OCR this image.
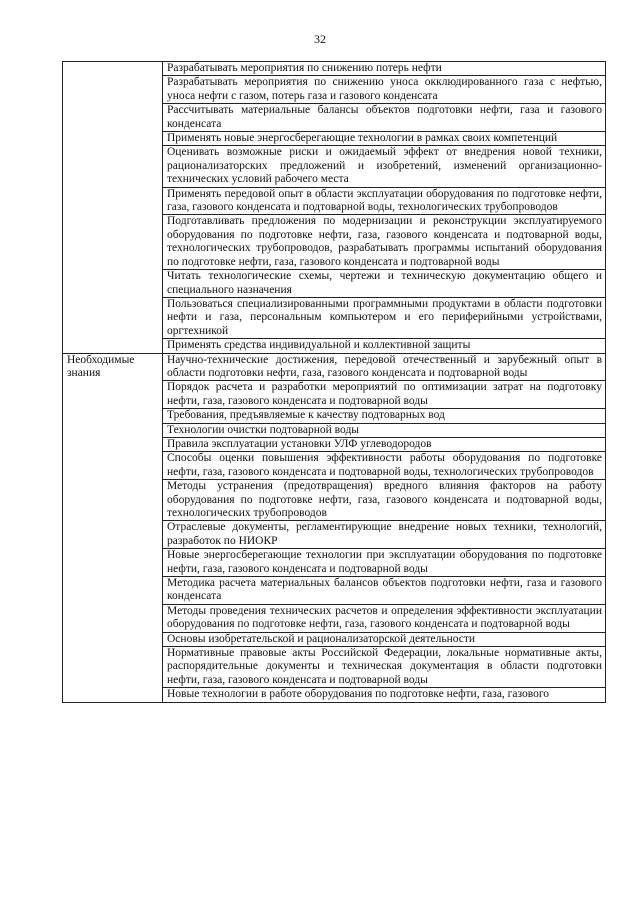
32
	Разрабатывать мероприятия по снижению потерь нефти
	Разрабатывать мероприятия по снижению уноса окклюдированного газа с нефтью, уноса нефти с газом, потерь газа и газового конденсата
	Рассчитывать материальные балансы объектов подготовки нефти, газа и газового конденсата
	Применять новые энергосберегающие технологии в рамках своих компетенций
	Оценивать возможные риски и ожидаемый эффект от внедрения новой техники, рационализаторских предложений и изобретений, изменений организационно-технических условий рабочего места
	Применять передовой опыт в области эксплуатации оборудования по подготовке нефти, газа, газового конденсата и подтоварной воды, технологических трубопроводов
	Подготавливать предложения по модернизации и реконструкции эксплуатируемого оборудования по подготовке нефти, газа, газового конденсата и подтоварной воды, технологических трубопроводов, разрабатывать программы испытаний оборудования по подготовке нефти, газа, газового конденсата и подтоварной воды
	Читать технологические схемы, чертежи и техническую документацию общего и специального назначения
	Пользоваться специализированными программными продуктами в области подготовки нефти и газа, персональным компьютером и его периферийными устройствами, оргтехникой
	Применять средства индивидуальной и коллективной защиты
Необходимые знания	Научно-технические достижения, передовой отечественный и зарубежный опыт в области подготовки нефти, газа, газового конденсата и подтоварной воды
	Порядок расчета и разработки мероприятий по оптимизации затрат на подготовку нефти, газа, газового конденсата и подтоварной воды
	Требования, предъявляемые к качеству подтоварных вод
	Технологии очистки подтоварной воды
	Правила эксплуатации установки УЛФ углеводородов
	Способы оценки повышения эффективности работы оборудования по подготовке нефти, газа, газового конденсата и подтоварной воды, технологических трубопроводов
	Методы устранения (предотвращения) вредного влияния факторов на работу оборудования по подготовке нефти, газа, газового конденсата и подтоварной воды, технологических трубопроводов
	Отраслевые документы, регламентирующие внедрение новых техники, технологий, разработок по НИОКР
	Новые энергосберегающие технологии при эксплуатации оборудования по подготовке нефти, газа, газового конденсата и подтоварной воды
	Методика расчета материальных балансов объектов подготовки нефти, газа и газового конденсата
	Методы проведения технических расчетов и определения эффективности эксплуатации оборудования по подготовке нефти, газа, газового конденсата и подтоварной воды
	Основы изобретательской и рационализаторской деятельности
	Нормативные правовые акты Российской Федерации, локальные нормативные акты, распорядительные документы и техническая документация в области подготовки нефти, газа, газового конденсата и подтоварной воды
	Новые технологии в работе оборудования по подготовке нефти, газа, газового
